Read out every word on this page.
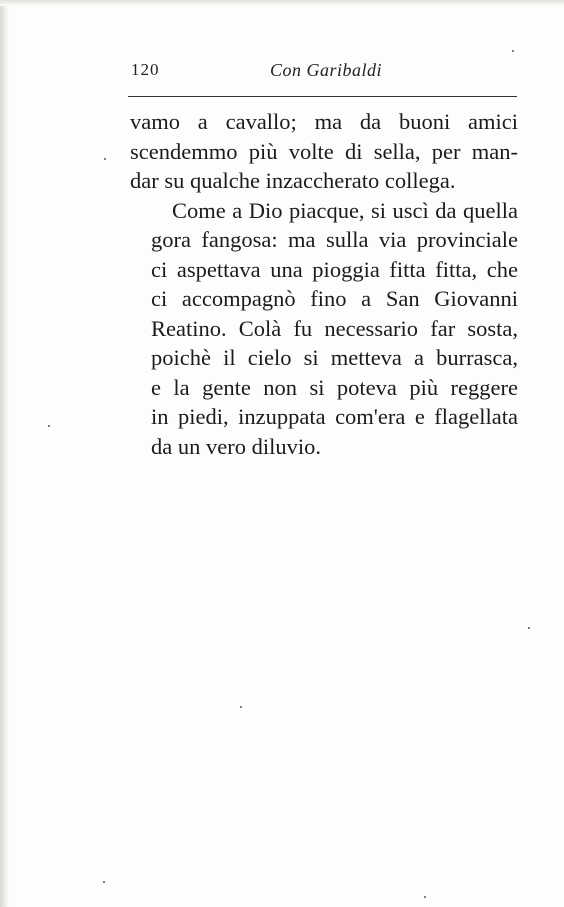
120	Con Garibaldi

vamo a cavallo; ma da buoni amici
scendemmo più volte di sella, per man-
dar su qualche inzaccherato collega.

Come a Dio piacque, si uscì da quella
gora fangosa: ma sulla via provinciale
ci aspettava una pioggia fitta fitta, che
ci accompagnò fino a San Giovanni
Reatino. Colà fu necessario far sosta,
poichè il cielo si metteva a burrasca,
e la gente non si poteva più reggere
in piedi, inzuppata com'era e flagellata
da un vero diluvio.
